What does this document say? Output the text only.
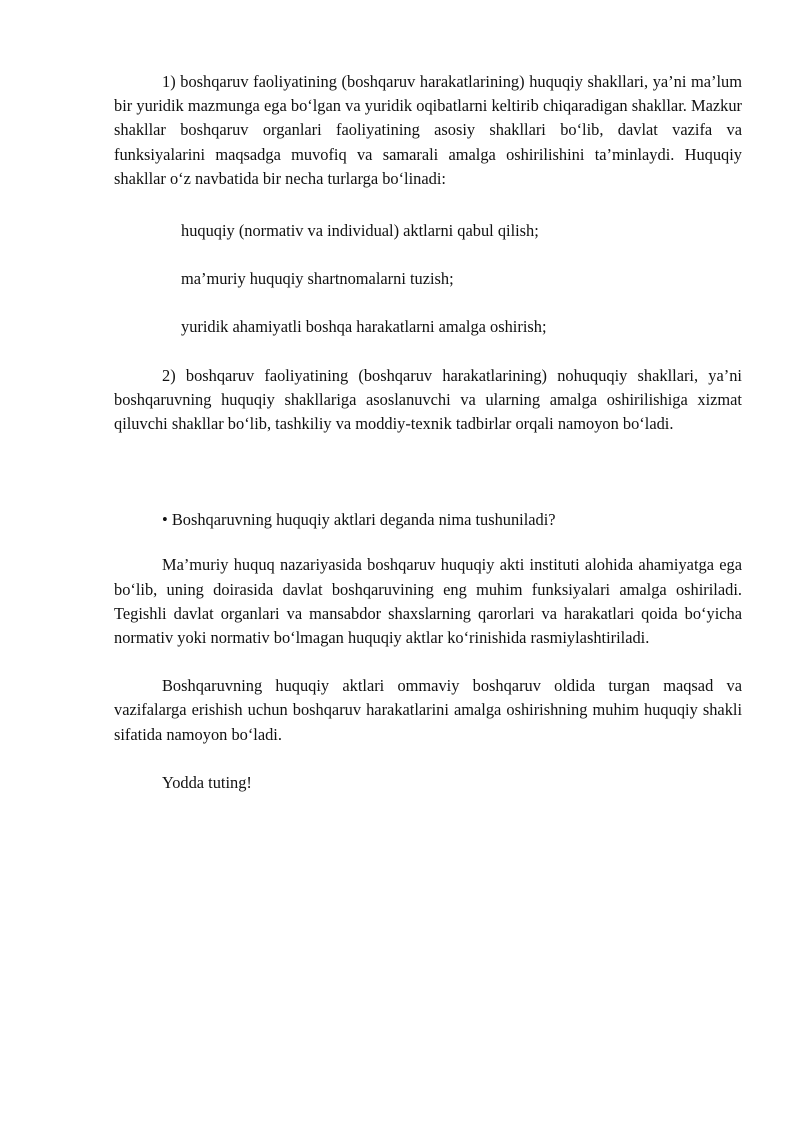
1) boshqaruv faoliyatining (boshqaruv harakatlarining) huquqiy shakllari, ya’ni ma’lum bir yuridik mazmunga ega bo‘lgan va yuridik oqibatlarni keltirib chiqaradigan shakllar. Mazkur shakllar boshqaruv organlari faoliyatining asosiy shakllari bo‘lib, davlat vazifa va funksiyalarini maqsadga muvofiq va samarali amalga oshirilishini ta’minlaydi. Huquqiy shakllar o‘z navbatida bir necha turlarga bo‘linadi:

huquqiy (normativ va individual) aktlarni qabul qilish;

ma’muriy huquqiy shartnomalarni tuzish;

yuridik ahamiyatli boshqa harakatlarni amalga oshirish;

2) boshqaruv faoliyatining (boshqaruv harakatlarining) nohuquqiy shakllari, ya’ni boshqaruvning huquqiy shakllariga asoslanuvchi va ularning amalga oshirilishiga xizmat qiluvchi shakllar bo‘lib, tashkiliy va moddiy-texnik tadbirlar orqali namoyon bo‘ladi.

• Boshqaruvning huquqiy aktlari deganda nima tushuniladi?

Ma’muriy huquq nazariyasida boshqaruv huquqiy akti instituti alohida ahamiyatga ega bo‘lib, uning doirasida davlat boshqaruvining eng muhim funksiyalari amalga oshiriladi. Tegishli davlat organlari va mansabdor shaxslarning qarorlari va harakatlari qoida bo‘yicha normativ yoki normativ bo‘lmagan huquqiy aktlar ko‘rinishida rasmiylashtiriladi.

Boshqaruvning huquqiy aktlari ommaviy boshqaruv oldida turgan maqsad va vazifalarga erishish uchun boshqaruv harakatlarini amalga oshirishning muhim huquqiy shakli sifatida namoyon bo‘ladi.

Yodda tuting!
